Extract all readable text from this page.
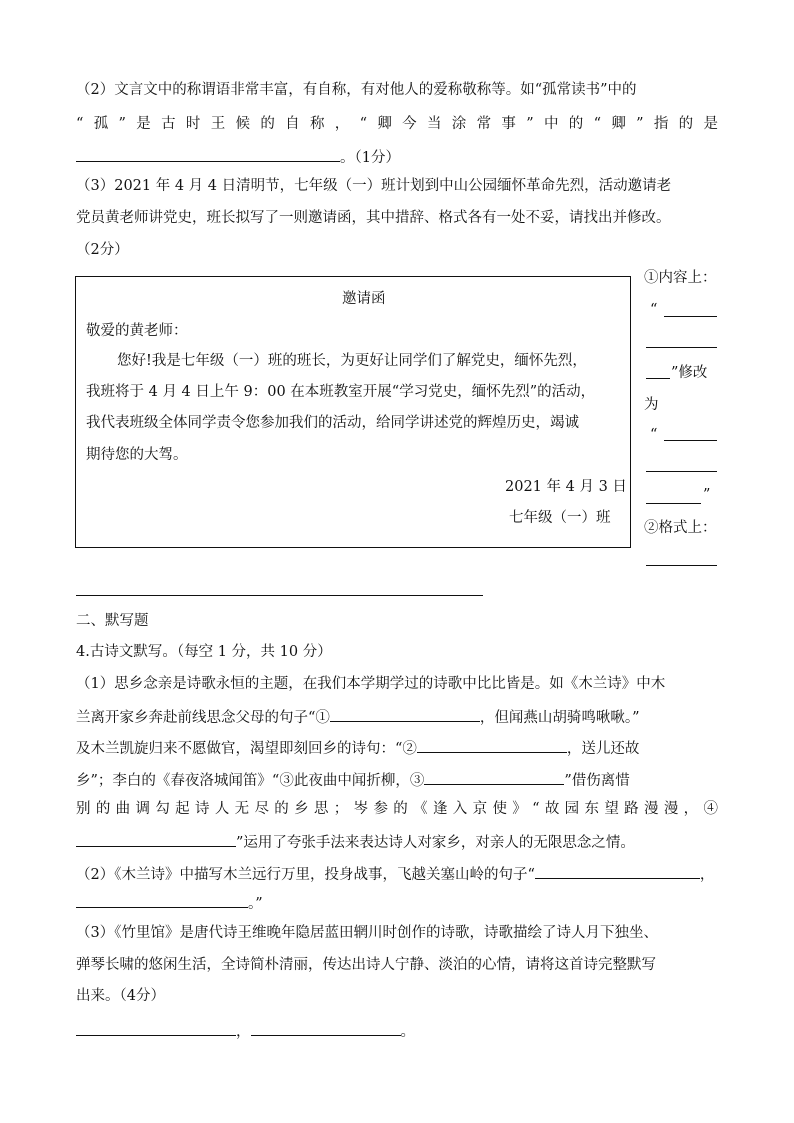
（2）文言文中的称谓语非常丰富，有自称，有对他人的爱称敬称等。如“孤常读书”中的
“孤”是古时王候的自称，“卿今当涂常事”中的“卿”指的是
。（1分）
（3）2021 年 4 月 4 日清明节，七年级（一）班计划到中山公园缅怀革命先烈，活动邀请老
党员黄老师讲党史，班长拟写了一则邀请函，其中措辞、格式各有一处不妥，请找出并修改。
（2分）
邀请函
敬爱的黄老师：
您好!我是七年级（一）班的班长，为更好让同学们了解党史，缅怀先烈，
我班将于 4 月 4 日上午 9：00 在本班教室开展“学习党史，缅怀先烈”的活动，
我代表班级全体同学责令您参加我们的活动，给同学讲述党的辉煌历史，竭诚
期待您的大驾。
2021 年 4 月 3 日
七年级（一）班
①内容上：
“
”修改
为
“
”
②格式上：
二、默写题
4.古诗文默写。（每空 1 分，共 10 分）
（1）思乡念亲是诗歌永恒的主题，在我们本学期学过的诗歌中比比皆是。如《木兰诗》中木
兰离开家乡奔赴前线思念父母的句子“①	，但闻燕山胡骑鸣啾啾。”
及木兰凯旋归来不愿做官，渴望即刻回乡的诗句：“②	，送儿还故
乡”；李白的《春夜洛城闻笛》“③此夜曲中闻折柳，③	”借伤离惜
别的曲调勾起诗人无尽的乡思；岑参的《逢入京使》“故园东望路漫漫，④
”运用了夸张手法来表达诗人对家乡，对亲人的无限思念之情。
（2）《木兰诗》中描写木兰远行万里，投身战事，飞越关塞山岭的句子“	，
。”
（3）《竹里馆》是唐代诗王维晚年隐居蓝田辋川时创作的诗歌，诗歌描绘了诗人月下独坐、
弹琴长啸的悠闲生活，全诗简朴清丽，传达出诗人宁静、淡泊的心情，请将这首诗完整默写
出来。（4分）
，	。
